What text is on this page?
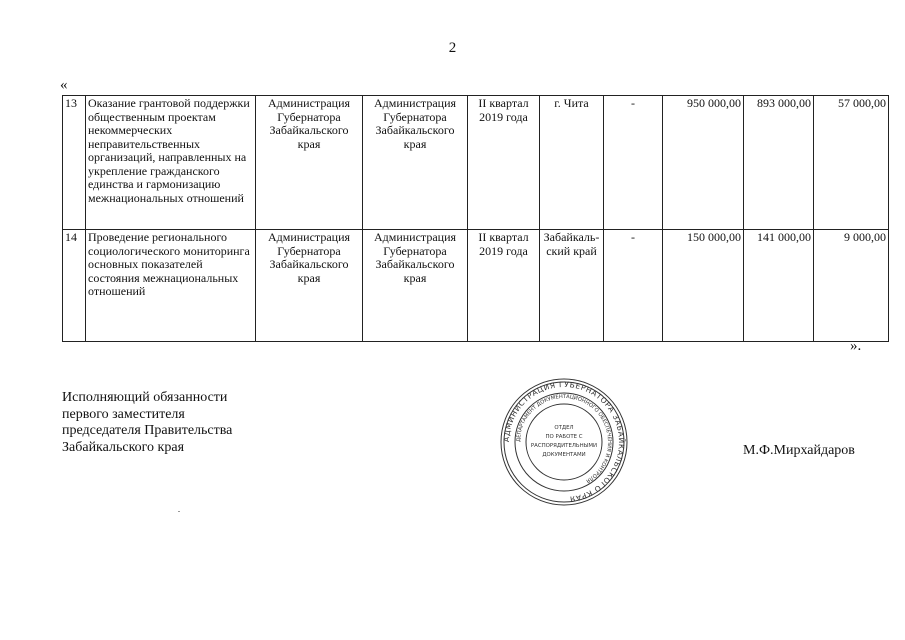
2
«
13	Оказание грантовой поддержки общественным проектам некоммерческих неправительственных организаций, направленных на укрепление гражданского единства и гармонизацию межнациональных отношений	Администрация Губернатора Забайкальского края	Администрация Губернатора Забайкальского края	II квартал 2019 года	г. Чита	-	950 000,00	893 000,00	57 000,00
14	Проведение регионального социологического мониторинга основных показателей состояния межнациональных отношений	Администрация Губернатора Забайкальского края	Администрация Губернатора Забайкальского края	II квартал 2019 года	Забайкаль-ский край	-	150 000,00	141 000,00	9 000,00
».
Исполняющий обязанности
первого заместителя
председателя Правительства
Забайкальского края
АДМИНИСТРАЦИЯ ГУБЕРНАТОРА ЗАБАЙКАЛЬСКОГО КРАЯ
ДЕПАРТАМЕНТ ДОКУМЕНТАЦИОННОГО ОБЕСПЕЧЕНИЯ И КОНТРОЛЯ
ОТДЕЛ
ПО РАБОТЕ С
РАСПОРЯДИТЕЛЬНЫМИ
ДОКУМЕНТАМИ	М.Ф.Мирхайдаров
